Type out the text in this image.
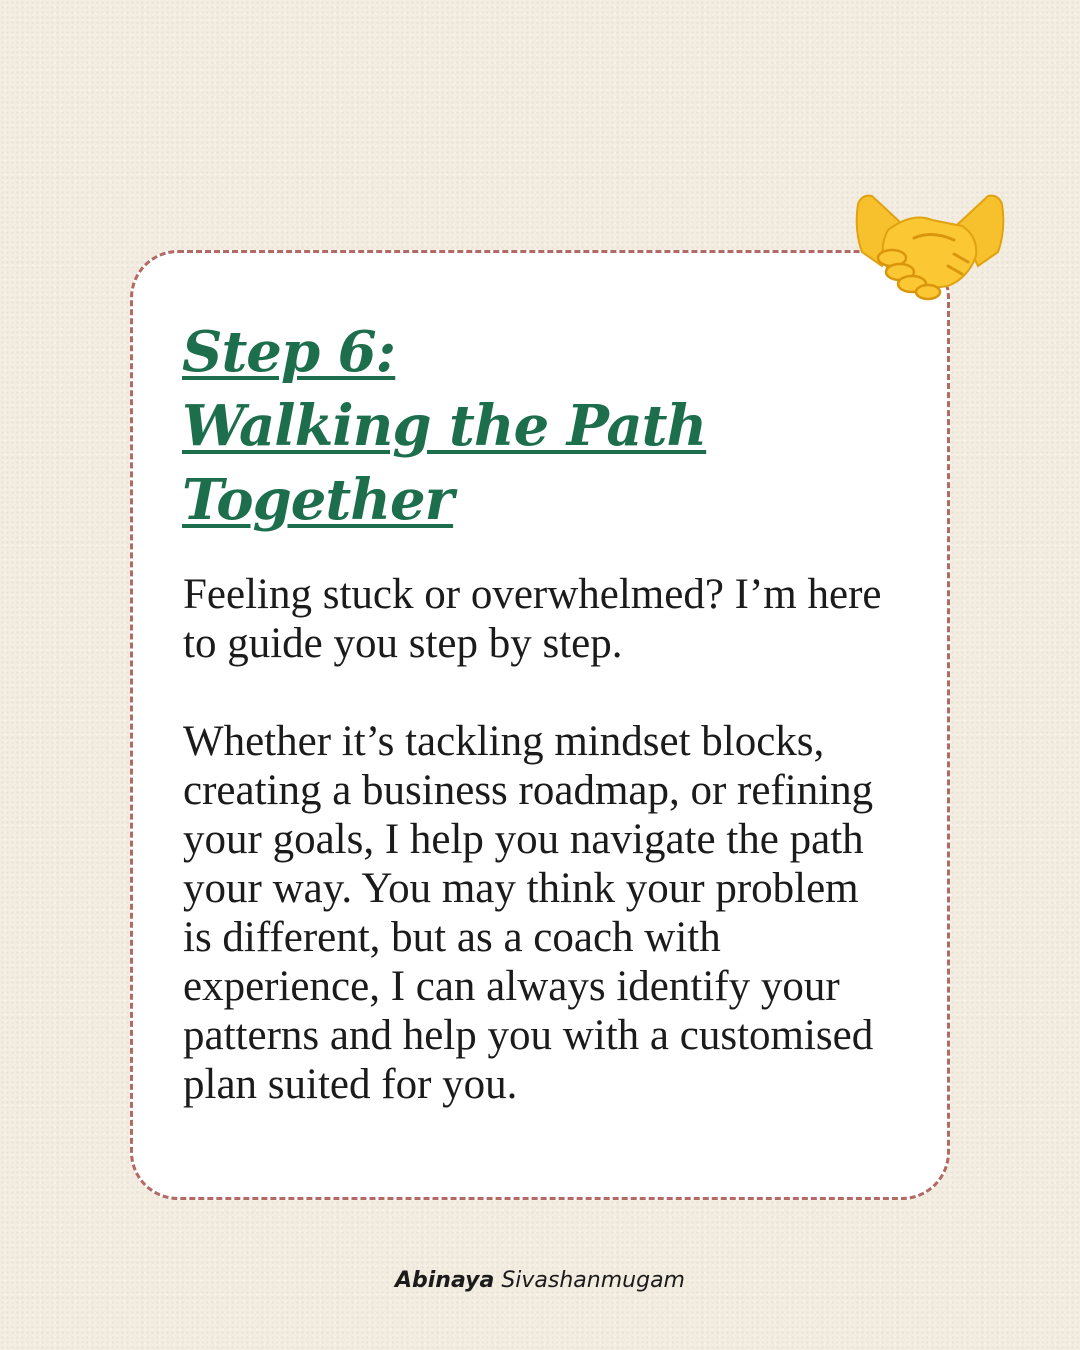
Step 6:
Walking the Path
Together

Feeling stuck or overwhelmed? I’m here to guide you step by step.

Whether it’s tackling mindset blocks, creating a business roadmap, or refining your goals, I help you navigate the path your way. You may think your problem is different, but as a coach with experience, I can always identify your patterns and help you with a customised plan suited for you.

Abinaya Sivashanmugam
